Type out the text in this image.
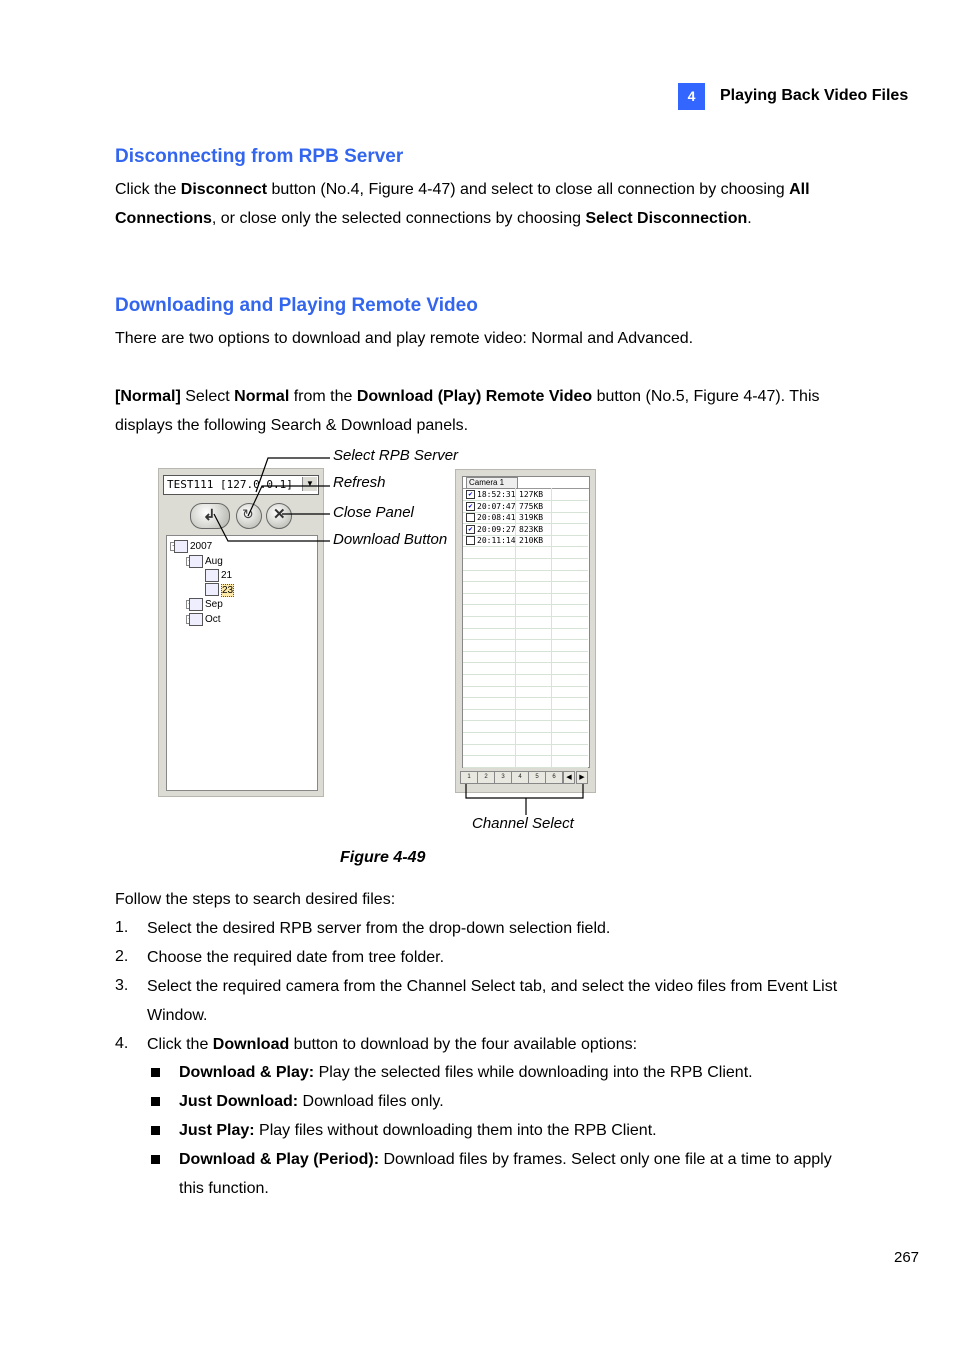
4	Playing Back Video Files
Disconnecting from RPB Server

Click the Disconnect button (No.4, Figure 4-47) and select to close all connection by choosing All Connections, or close only the selected connections by choosing Select Disconnection.

Downloading and Playing Remote Video

There are two options to download and play remote video: Normal and Advanced.

[Normal] Select Normal from the Download (Play) Remote Video button (No.5, Figure 4-47). This displays the following Search & Download panels.

TEST111 [127.0.0.1]	▼
↲ ↻ ✕
2007
Aug
21
23
Sep
Oct
Camera 1
✔ 18:52:31 127KB
✔ 20:07:47 775KB
20:08:41 319KB
✔ 20:09:27 823KB
20:11:14 210KB
1	2	3	4	5	6	◀	▶
Select RPB Server
Refresh
Close Panel
Download Button
Channel Select
Figure 4-49

Follow the steps to search desired files:

1. Select the desired RPB server from the drop-down selection field.

2. Choose the required date from tree folder.

3. Select the required camera from the Channel Select tab, and select the video files from Event List Window.

4. Click the Download button to download by the four available options:

Download & Play: Play the selected files while downloading into the RPB Client.

Just Download: Download files only.

Just Play: Play files without downloading them into the RPB Client.

Download & Play (Period): Download files by frames. Select only one file at a time to apply this function.

267
